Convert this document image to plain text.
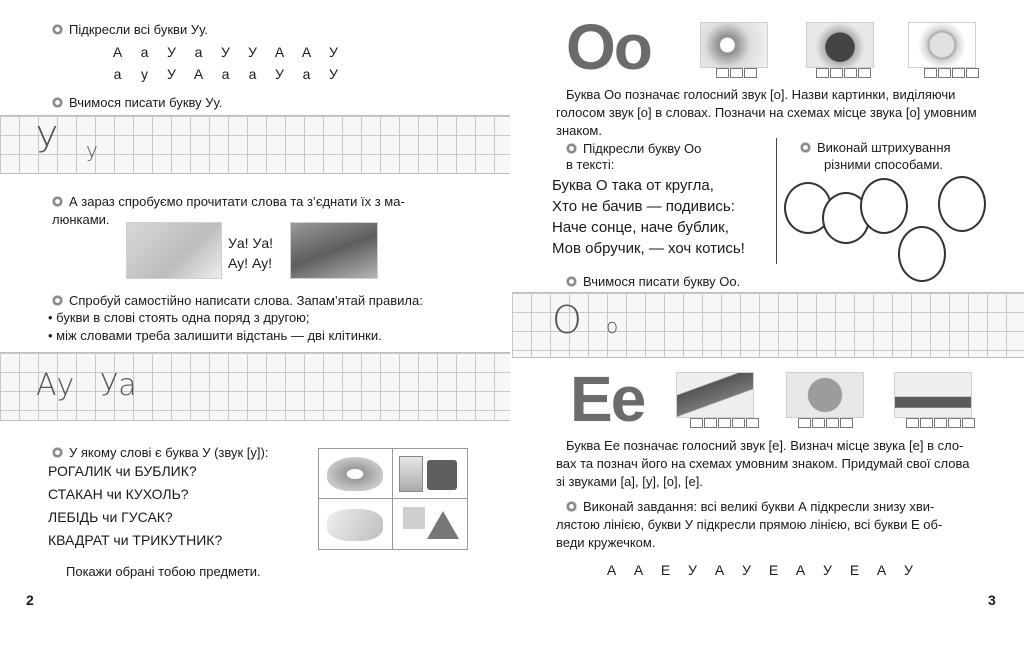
Підкресли всі букви Уу.
А а У а У У А А У
а у У А а а У а У
Вчимося писати букву Уу.
У у
А зараз спробуємо прочитати слова та з’єднати їх з ма-
люнками.
Уа! Уа!
Ау! Ау!
Спробуй самостійно написати слова. Запам’ятай правила:
• букви в слові стоять одна поряд з другою;
• між словами треба залишити відстань — дві клітинки.
Ау Уа
У якому слові є буква У (звук [у]):
РОГАЛИК чи БУБЛИК?
СТАКАН чи КУХОЛЬ?
ЛЕБІДЬ чи ГУСАК?
КВАДРАТ чи ТРИКУТНИК?
Покажи обрані тобою предмети.
2
Оо
Буква Оо позначає голосний звук [о]. Назви картинки, виділяючи
голосом звук [о] в словах. Позначи на схемах місце звука [о] умовним
знаком.
Підкресли букву Оо
в тексті:
Буква О така от кругла,
Хто не бачив — подивись:
Наче сонце, наче бублик,
Мов обручик, — хоч котись!
Виконай штрихування
різними способами.
Вчимося писати букву Оо.
О о
Ее
Буква Ее позначає голосний звук [е]. Визнач місце звука [е] в сло-
вах та познач його на схемах умовним знаком. Придумай свої слова
зі звуками [а], [у], [о], [е].
Виконай завдання: всі великі букви А підкресли знизу хви-
лястою лінією, букви У підкресли прямою лінією, всі букви Е об-
веди кружечком.
А А Е У А У Е А У Е А У
3
